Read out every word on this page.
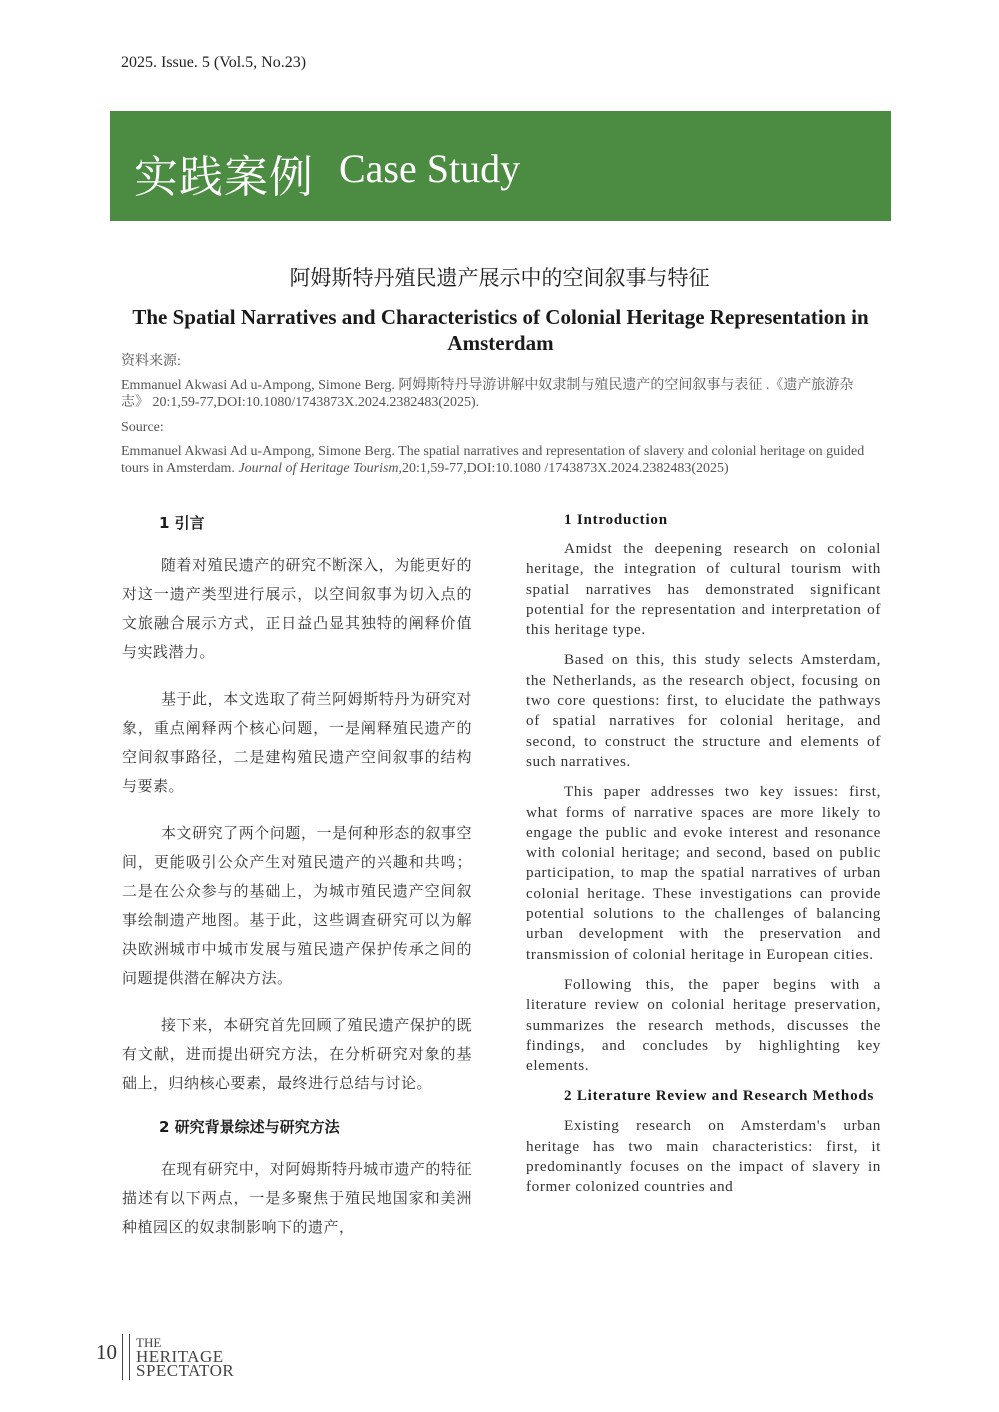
2025. Issue. 5 (Vol.5, No.23)
实践案例 Case Study
阿姆斯特丹殖民遗产展示中的空间叙事与特征
The Spatial Narratives and Characteristics of Colonial Heritage Representation in Amsterdam
资料来源:
Emmanuel Akwasi Ad u-Ampong, Simone Berg. 阿姆斯特丹导游讲解中奴隶制与殖民遗产的空间叙事与表征 .《遗产旅游杂志》 20:1,59-77,DOI:10.1080/1743873X.2024.2382483(2025).
Source:
Emmanuel Akwasi Ad u-Ampong, Simone Berg. The spatial narratives and representation of slavery and colonial heritage on guided tours in Amsterdam. Journal of Heritage Tourism,20:1,59-77,DOI:10.1080 /1743873X.2024.2382483(2025)
1 引言

随着对殖民遗产的研究不断深入，为能更好的对这一遗产类型进行展示，以空间叙事为切入点的文旅融合展示方式，正日益凸显其独特的阐释价值与实践潜力。

基于此，本文选取了荷兰阿姆斯特丹为研究对象，重点阐释两个核心问题，一是阐释殖民遗产的空间叙事路径，二是建构殖民遗产空间叙事的结构与要素。

本文研究了两个问题，一是何种形态的叙事空间，更能吸引公众产生对殖民遗产的兴趣和共鸣；二是在公众参与的基础上，为城市殖民遗产空间叙事绘制遗产地图。基于此，这些调查研究可以为解决欧洲城市中城市发展与殖民遗产保护传承之间的问题提供潜在解决方法。

接下来，本研究首先回顾了殖民遗产保护的既有文献，进而提出研究方法，在分析研究对象的基础上，归纳核心要素，最终进行总结与讨论。

2 研究背景综述与研究方法

在现有研究中，对阿姆斯特丹城市遗产的特征描述有以下两点，一是多聚焦于殖民地国家和美洲种植园区的奴隶制影响下的遗产，

1 Introduction

Amidst the deepening research on colonial heritage, the integration of cultural tourism with spatial narratives has demonstrated significant potential for the representation and interpretation of this heritage type.

Based on this, this study selects Amsterdam, the Netherlands, as the research object, focusing on two core questions: first, to elucidate the pathways of spatial narratives for colonial heritage, and second, to construct the structure and elements of such narratives.

This paper addresses two key issues: first, what forms of narrative spaces are more likely to engage the public and evoke interest and resonance with colonial heritage; and second, based on public participation, to map the spatial narratives of urban colonial heritage. These investigations can provide potential solutions to the challenges of balancing urban development with the preservation and transmission of colonial heritage in European cities.

Following this, the paper begins with a literature review on colonial heritage preservation, summarizes the research methods, discusses the findings, and concludes by highlighting key elements.

2 Literature Review and Research Methods

Existing research on Amsterdam's urban heritage has two main characteristics: first, it predominantly focuses on the impact of slavery in former colonized countries and

10 THE
HERITAGE
SPECTATOR
